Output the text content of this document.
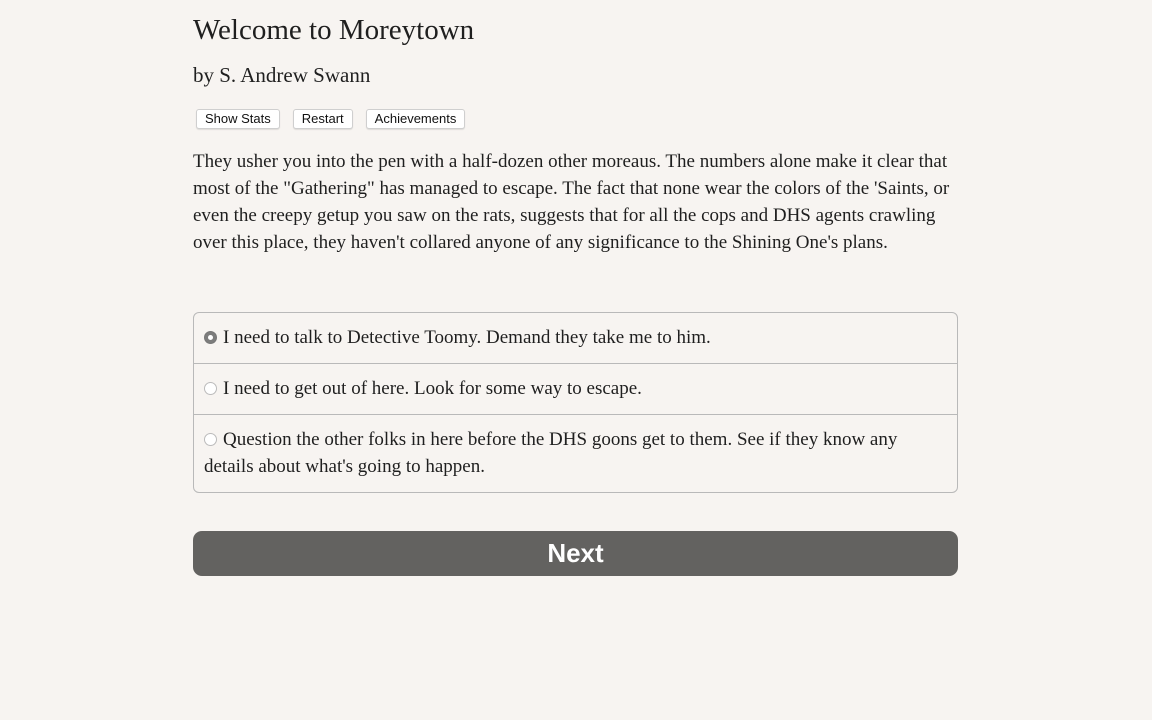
Welcome to Moreytown
by S. Andrew Swann
Show Stats	Restart	Achievements

They usher you into the pen with a half-dozen other moreaus. The numbers alone make it clear that most of the "Gathering" has managed to escape. The fact that none wear the colors of the 'Saints, or even the creepy getup you saw on the rats, suggests that for all the cops and DHS agents crawling over this place, they haven't collared anyone of any significance to the Shining One's plans.

I need to talk to Detective Toomy. Demand they take me to him.
I need to get out of here. Look for some way to escape.
Question the other folks in here before the DHS goons get to them. See if they know any details about what's going to happen.
Next
